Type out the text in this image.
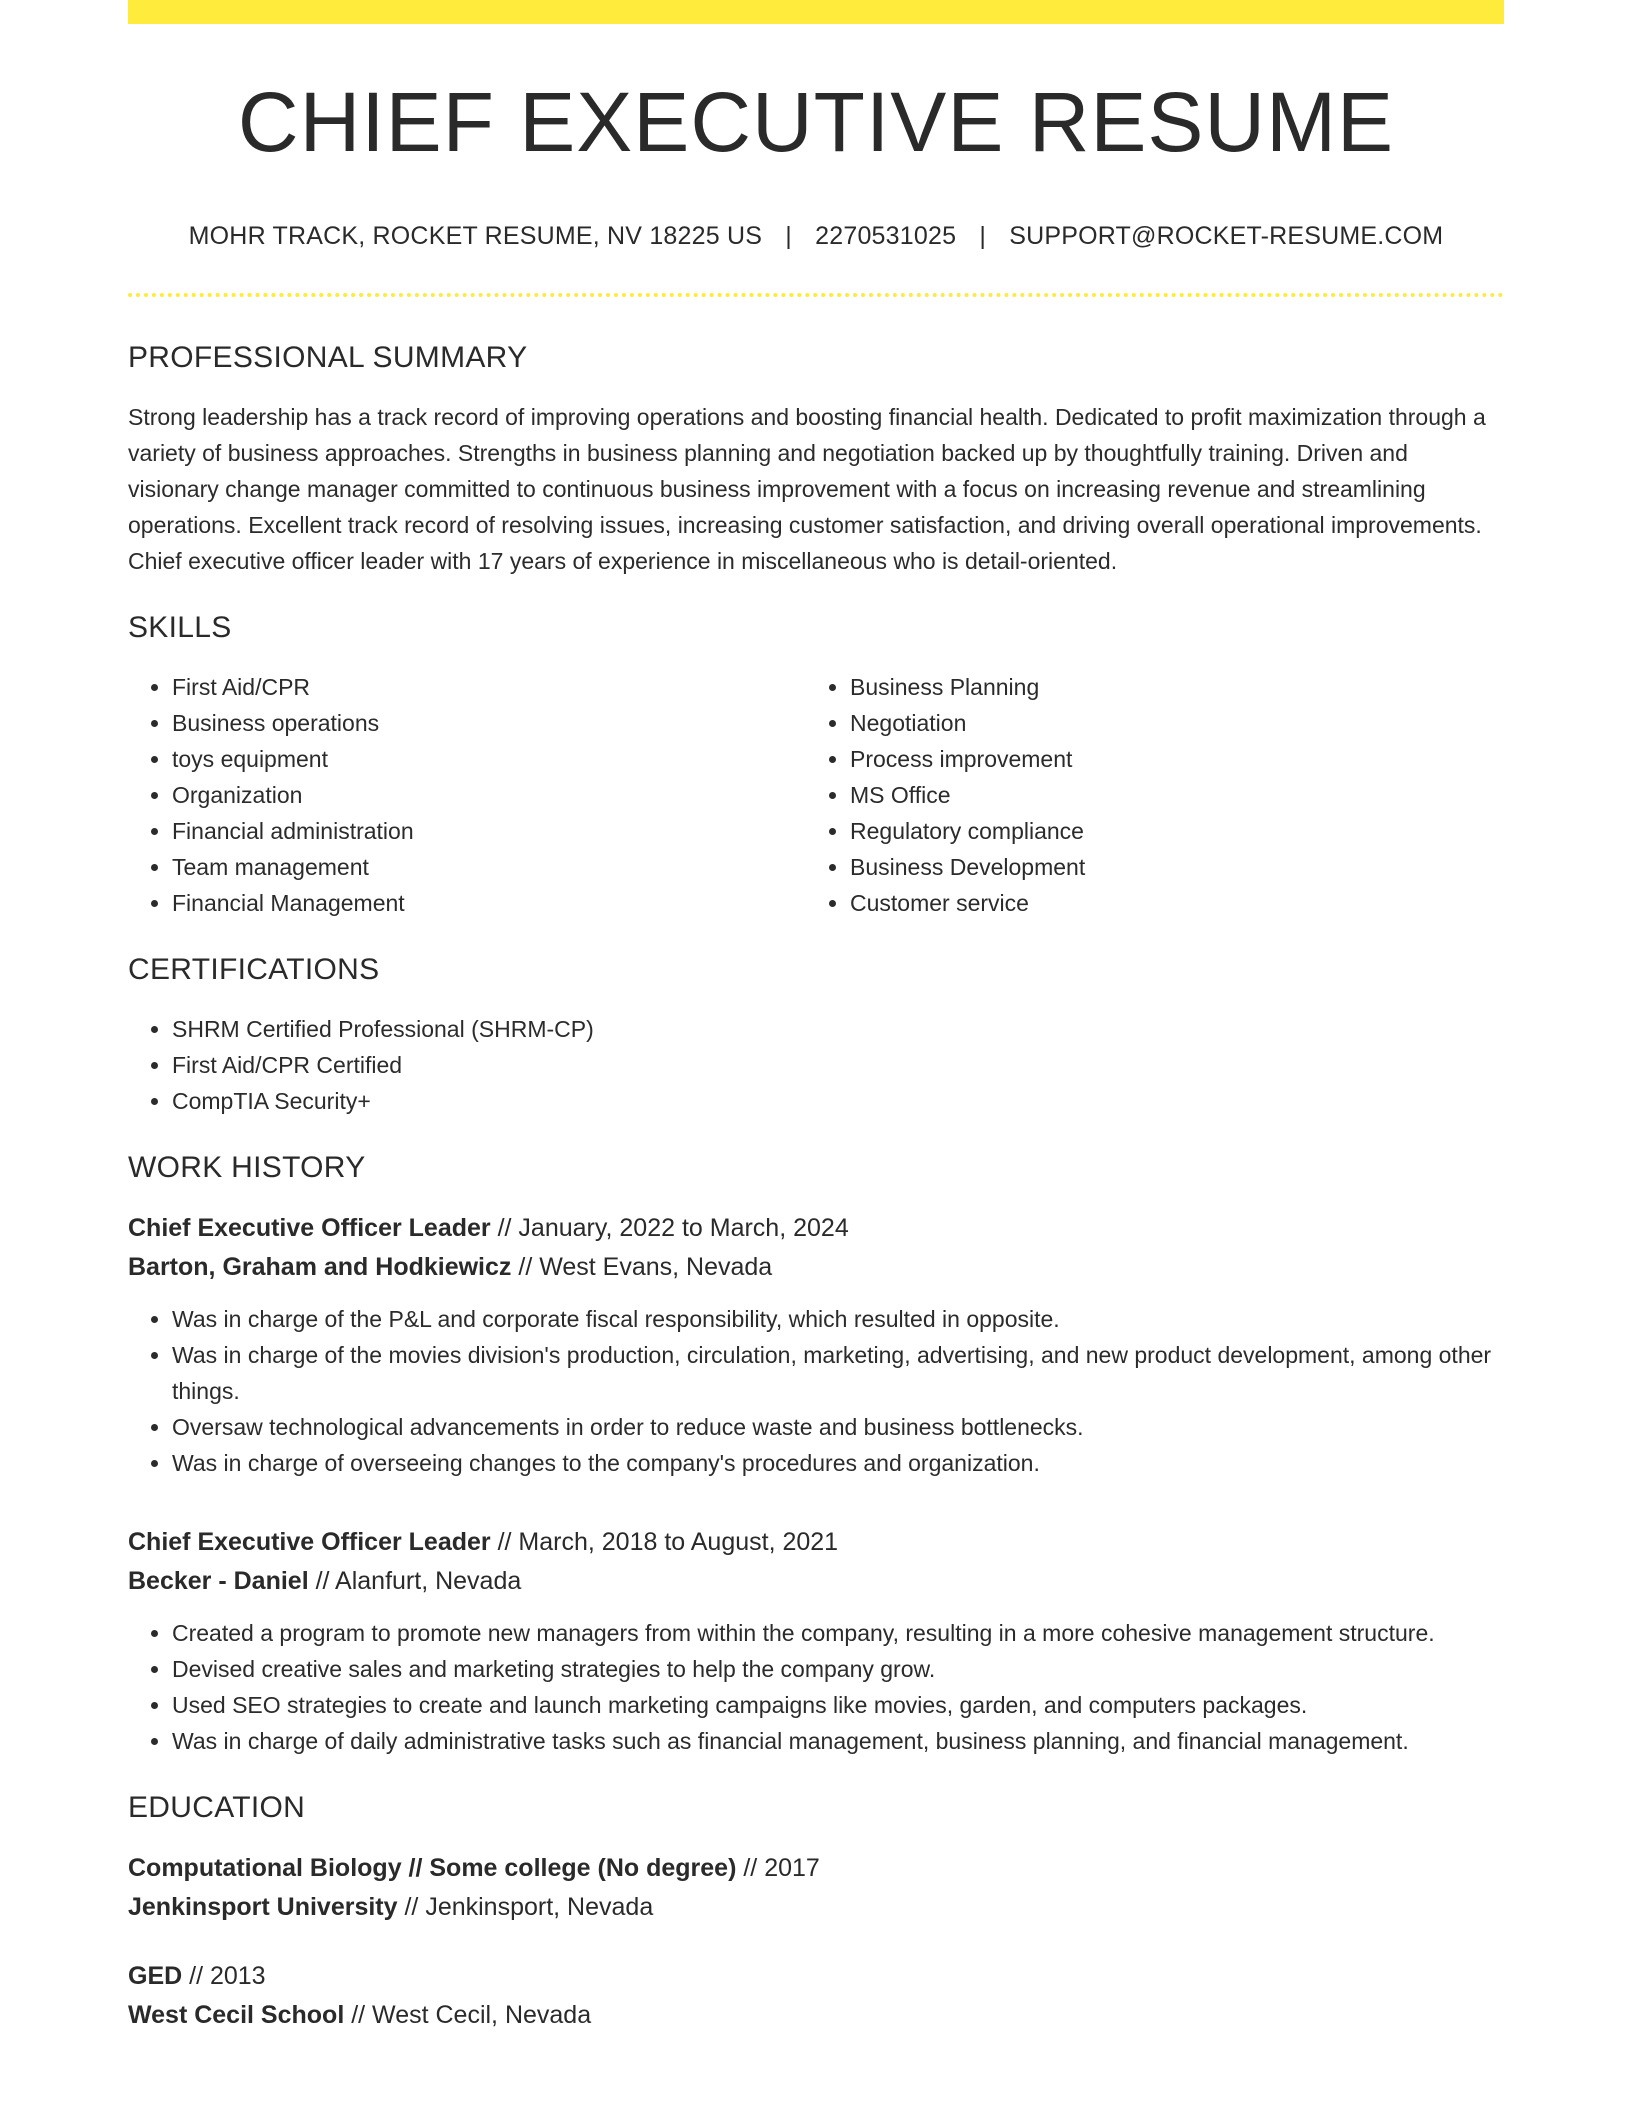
CHIEF EXECUTIVE RESUME
MOHR TRACK, ROCKET RESUME, NV 18225 US | 2270531025 | SUPPORT@ROCKET-RESUME.COM
PROFESSIONAL SUMMARY

Strong leadership has a track record of improving operations and boosting financial health. Dedicated to profit maximization through a variety of business approaches. Strengths in business planning and negotiation backed up by thoughtfully training. Driven and visionary change manager committed to continuous business improvement with a focus on increasing revenue and streamlining operations. Excellent track record of resolving issues, increasing customer satisfaction, and driving overall operational improvements. Chief executive officer leader with 17 years of experience in miscellaneous who is detail-oriented.

SKILLS
• First Aid/CPR
• Business operations
• toys equipment
• Organization
• Financial administration
• Team management
• Financial Management
• Business Planning
• Negotiation
• Process improvement
• MS Office
• Regulatory compliance
• Business Development
• Customer service
CERTIFICATIONS
• SHRM Certified Professional (SHRM-CP)
• First Aid/CPR Certified
• CompTIA Security+
WORK HISTORY
Chief Executive Officer Leader // January, 2022 to March, 2024
Barton, Graham and Hodkiewicz // West Evans, Nevada
• Was in charge of the P&L and corporate fiscal responsibility, which resulted in opposite.
• Was in charge of the movies division's production, circulation, marketing, advertising, and new product development, among other things.
• Oversaw technological advancements in order to reduce waste and business bottlenecks.
• Was in charge of overseeing changes to the company's procedures and organization.
Chief Executive Officer Leader // March, 2018 to August, 2021
Becker - Daniel // Alanfurt, Nevada
• Created a program to promote new managers from within the company, resulting in a more cohesive management structure.
• Devised creative sales and marketing strategies to help the company grow.
• Used SEO strategies to create and launch marketing campaigns like movies, garden, and computers packages.
• Was in charge of daily administrative tasks such as financial management, business planning, and financial management.
EDUCATION
Computational Biology // Some college (No degree) // 2017
Jenkinsport University // Jenkinsport, Nevada
GED // 2013
West Cecil School // West Cecil, Nevada
